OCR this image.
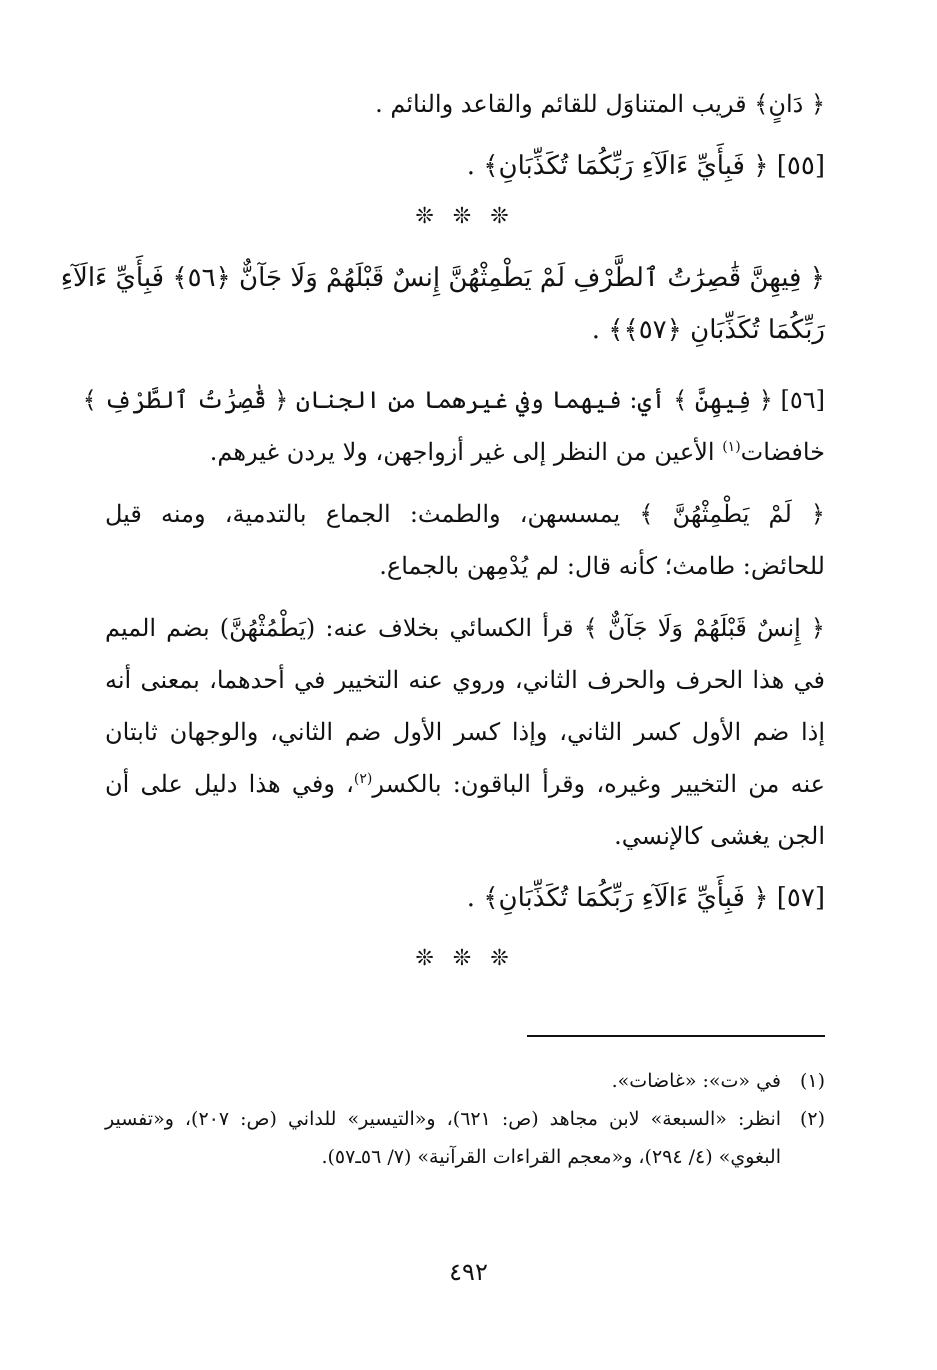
﴿ دَانٍ﴾ قريب المتناوَل للقائم والقاعد والنائم .
[٥٥] ﴿ فَبِأَيِّ ءَالَآءِ رَبِّكُمَا تُكَذِّبَانِ﴾ .
❊ ❊ ❊
﴿ فِيهِنَّ قَٰصِرَٰتُ ٱلطَّرْفِ لَمْ يَطْمِثْهُنَّ إِنسٌ قَبْلَهُمْ وَلَا جَآنٌّ ﴿٥٦﴾ فَبِأَيِّ ءَالَآءِ
رَبِّكُمَا تُكَذِّبَانِ ﴿٥٧﴾﴾ .
[٥٦] ﴿ فِيهِنَّ ﴾ أي: فيهما وفي غيرهما من الجنان ﴿ قَٰصِرَٰتُ ٱلطَّرْفِ ﴾
خافضات$^{(١)}$ الأعين من النظر إلى غير أزواجهن، ولا يردن غيرهم.
﴿ لَمْ يَطْمِثْهُنَّ ﴾ يمسسهن، والطمث: الجماع بالتدمية، ومنه قيل
للحائض: طامث؛ كأنه قال: لم يُدْمِهن بالجماع.
﴿ إِنسٌ قَبْلَهُمْ وَلَا جَآنٌّ ﴾ قرأ الكسائي بخلاف عنه: (يَطْمُثْهُنَّ) بضم الميم
في هذا الحرف والحرف الثاني، وروي عنه التخيير في أحدهما، بمعنى أنه
إذا ضم الأول كسر الثاني، وإذا كسر الأول ضم الثاني، والوجهان ثابتان
عنه من التخيير وغيره، وقرأ الباقون: بالكسر$^{(٢)}$، وفي هذا دليل على أن
الجن يغشى كالإنسي.
[٥٧] ﴿ فَبِأَيِّ ءَالَآءِ رَبِّكُمَا تُكَذِّبَانِ﴾ .
❊ ❊ ❊
(١)
في «ت»: «غاضات».
(٢)
انظر: «السبعة» لابن مجاهد (ص: ٦٢١)، و«التيسير» للداني (ص: ٢٠٧)، و«تفسير البغوي» (٤/ ٢٩٤)، و«معجم القراءات القرآنية» (٧/ ٥٦ـ٥٧).
٤٩٢
